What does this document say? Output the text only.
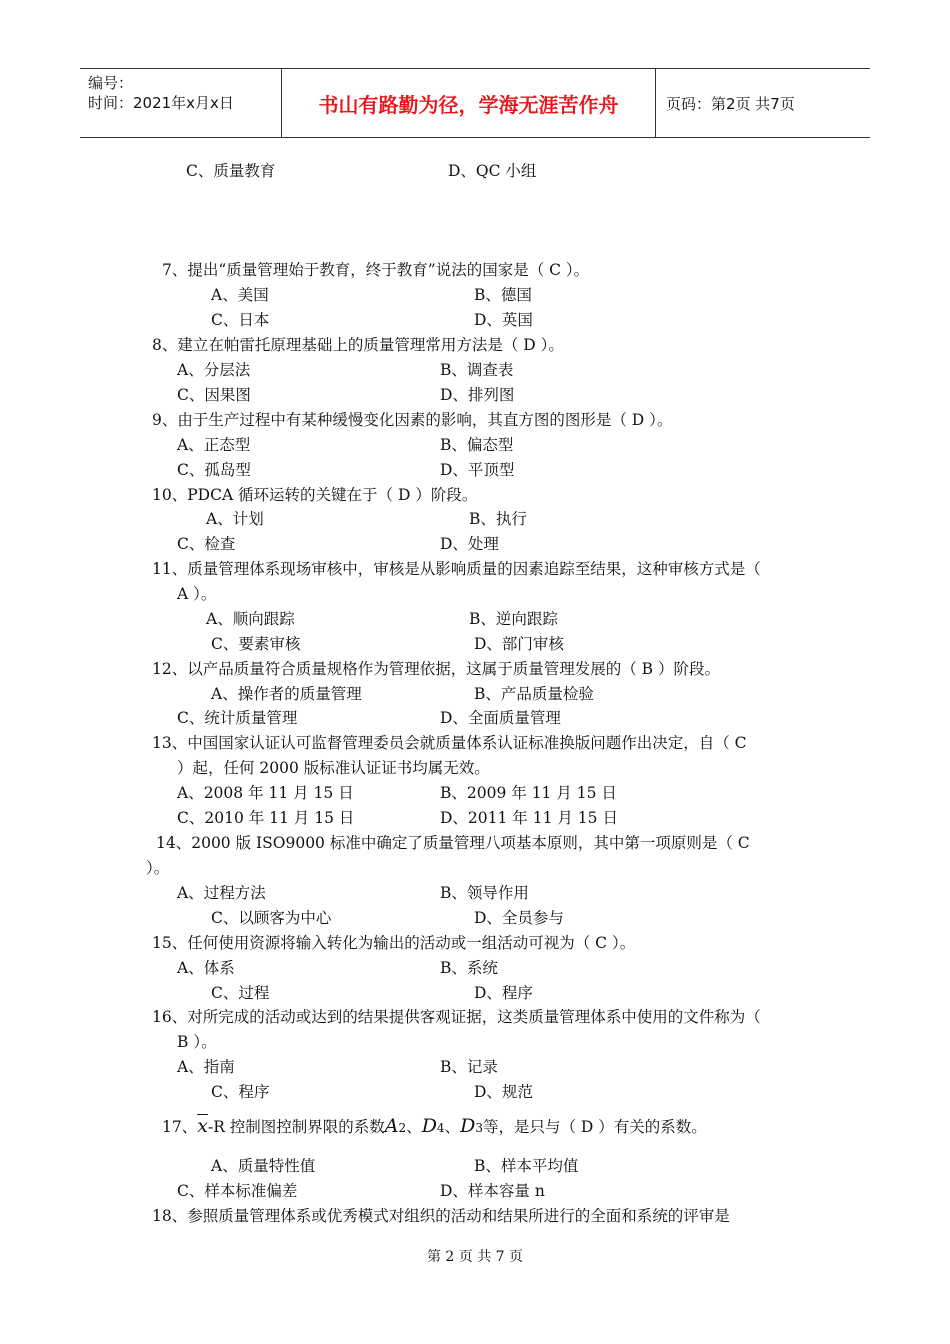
编号：
时间：2021年x月x日	书山有路勤为径，学海无涯苦作舟	页码：第2页 共7页
C、质量教育	D、QC 小组
7、提出“质量管理始于教育，终于教育”说法的国家是（ C ）。
A、美国	B、德国
C、日本	D、英国
8、建立在帕雷托原理基础上的质量管理常用方法是（ D ）。
A、分层法	B、调查表
C、因果图	D、排列图
9、由于生产过程中有某种缓慢变化因素的影响，其直方图的图形是（ D ）。
A、正态型	B、偏态型
C、孤岛型	D、平顶型
10、PDCA 循环运转的关键在于（ D ）阶段。
A、计划	B、执行
C、检查	D、处理
11、质量管理体系现场审核中，审核是从影响质量的因素追踪至结果，这种审核方式是（
A ）。
A、顺向跟踪	B、逆向跟踪
C、要素审核	D、部门审核
12、以产品质量符合质量规格作为管理依据，这属于质量管理发展的（ B ）阶段。
A、操作者的质量管理	B、产品质量检验
C、统计质量管理	D、全面质量管理
13、中国国家认证认可监督管理委员会就质量体系认证标准换版问题作出决定，自（ C
）起，任何 2000 版标准认证证书均属无效。
A、2008 年 11 月 15 日	B、2009 年 11 月 15 日
C、2010 年 11 月 15 日	D、2011 年 11 月 15 日
14、2000 版 ISO9000 标准中确定了质量管理八项基本原则，其中第一项原则是（ C
）。
A、过程方法	B、领导作用
C、以顾客为中心	D、全员参与
15、任何使用资源将输入转化为输出的活动或一组活动可视为（ C ）。
A、体系	B、系统
C、过程	D、程序
16、对所完成的活动或达到的结果提供客观证据，这类质量管理体系中使用的文件称为（
B ）。
A、指南	B、记录
C、程序	D、规范
17、$\overline{x}-R$ 控制图控制界限的系数A2、D4、D3等，是只与（ D ）有关的系数。
A、质量特性值	B、样本平均值
C、样本标准偏差	D、样本容量 n
18、参照质量管理体系或优秀模式对组织的活动和结果所进行的全面和系统的评审是
第 2 页 共 7 页
